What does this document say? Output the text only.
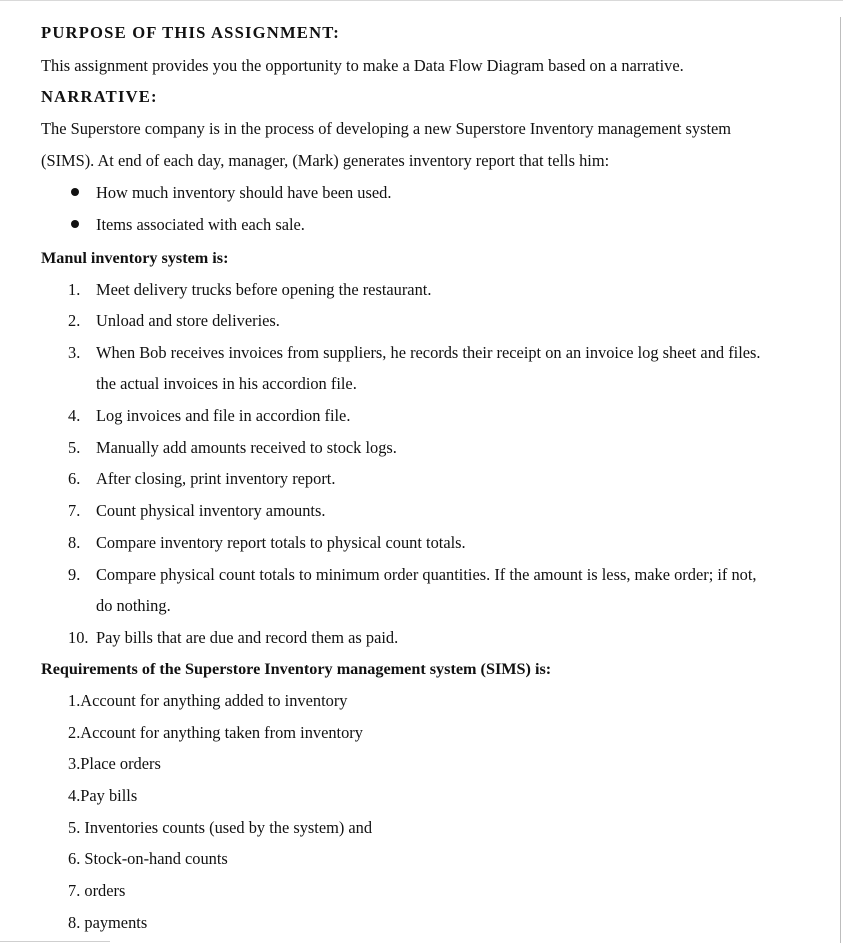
PURPOSE OF THIS ASSIGNMENT:
This assignment provides you the opportunity to make a Data Flow Diagram based on a narrative.
NARRATIVE:
The Superstore company is in the process of developing a new Superstore Inventory management system
(SIMS). At end of each day, manager, (Mark) generates inventory report that tells him:
How much inventory should have been used.
Items associated with each sale.
Manul inventory system is:
1. Meet delivery trucks before opening the restaurant.
2. Unload and store deliveries.
3. When Bob receives invoices from suppliers, he records their receipt on an invoice log sheet and files.
the actual invoices in his accordion file.
4. Log invoices and file in accordion file.
5. Manually add amounts received to stock logs.
6. After closing, print inventory report.
7. Count physical inventory amounts.
8. Compare inventory report totals to physical count totals.
9. Compare physical count totals to minimum order quantities. If the amount is less, make order; if not,
do nothing.
10. Pay bills that are due and record them as paid.
Requirements of the Superstore Inventory management system (SIMS) is:
1.Account for anything added to inventory
2.Account for anything taken from inventory
3.Place orders
4.Pay bills
5. Inventories counts (used by the system) and
6. Stock-on-hand counts
7. orders
8. payments
